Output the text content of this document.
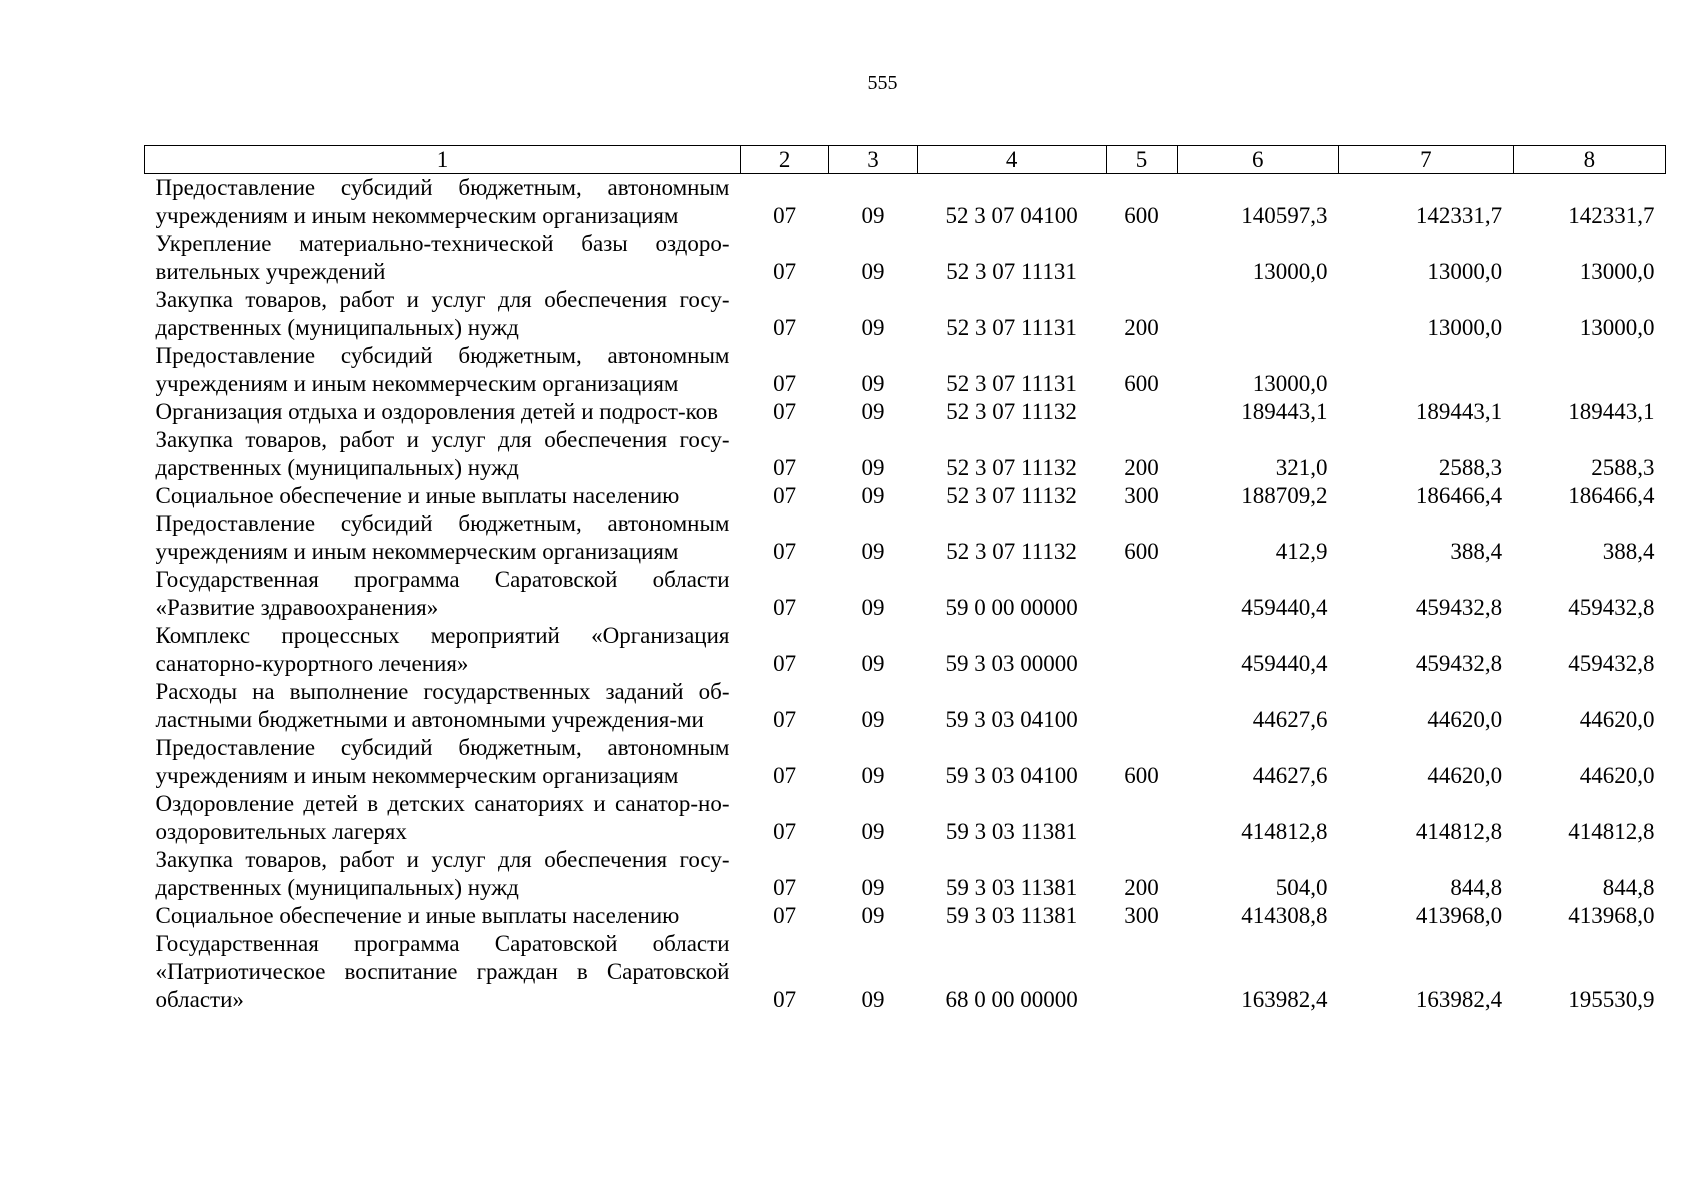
555
1	2	3	4	5	6	7	8
Предоставление субсидий бюджетным, автономным учреждениям и иным некоммерческим организациям	07	09	52 3 07 04100	600	140597,3	142331,7	142331,7
Укрепление материально-технической базы оздоро-вительных учреждений	07	09	52 3 07 11131		13000,0	13000,0	13000,0
Закупка товаров, работ и услуг для обеспечения госу-дарственных (муниципальных) нужд	07	09	52 3 07 11131	200		13000,0	13000,0
Предоставление субсидий бюджетным, автономным учреждениям и иным некоммерческим организациям	07	09	52 3 07 11131	600	13000,0		
Организация отдыха и оздоровления детей и подрост-ков	07	09	52 3 07 11132		189443,1	189443,1	189443,1
Закупка товаров, работ и услуг для обеспечения госу-дарственных (муниципальных) нужд	07	09	52 3 07 11132	200	321,0	2588,3	2588,3
Социальное обеспечение и иные выплаты населению	07	09	52 3 07 11132	300	188709,2	186466,4	186466,4
Предоставление субсидий бюджетным, автономным учреждениям и иным некоммерческим организациям	07	09	52 3 07 11132	600	412,9	388,4	388,4
Государственная программа Саратовской области «Развитие здравоохранения»	07	09	59 0 00 00000		459440,4	459432,8	459432,8
Комплекс процессных мероприятий «Организация санаторно-курортного лечения»	07	09	59 3 03 00000		459440,4	459432,8	459432,8
Расходы на выполнение государственных заданий об-ластными бюджетными и автономными учреждения-ми	07	09	59 3 03 04100		44627,6	44620,0	44620,0
Предоставление субсидий бюджетным, автономным учреждениям и иным некоммерческим организациям	07	09	59 3 03 04100	600	44627,6	44620,0	44620,0
Оздоровление детей в детских санаториях и санатор-но-оздоровительных лагерях	07	09	59 3 03 11381		414812,8	414812,8	414812,8
Закупка товаров, работ и услуг для обеспечения госу-дарственных (муниципальных) нужд	07	09	59 3 03 11381	200	504,0	844,8	844,8
Социальное обеспечение и иные выплаты населению	07	09	59 3 03 11381	300	414308,8	413968,0	413968,0
Государственная программа Саратовской области «Патриотическое воспитание граждан в Саратовской области»	07	09	68 0 00 00000		163982,4	163982,4	195530,9
